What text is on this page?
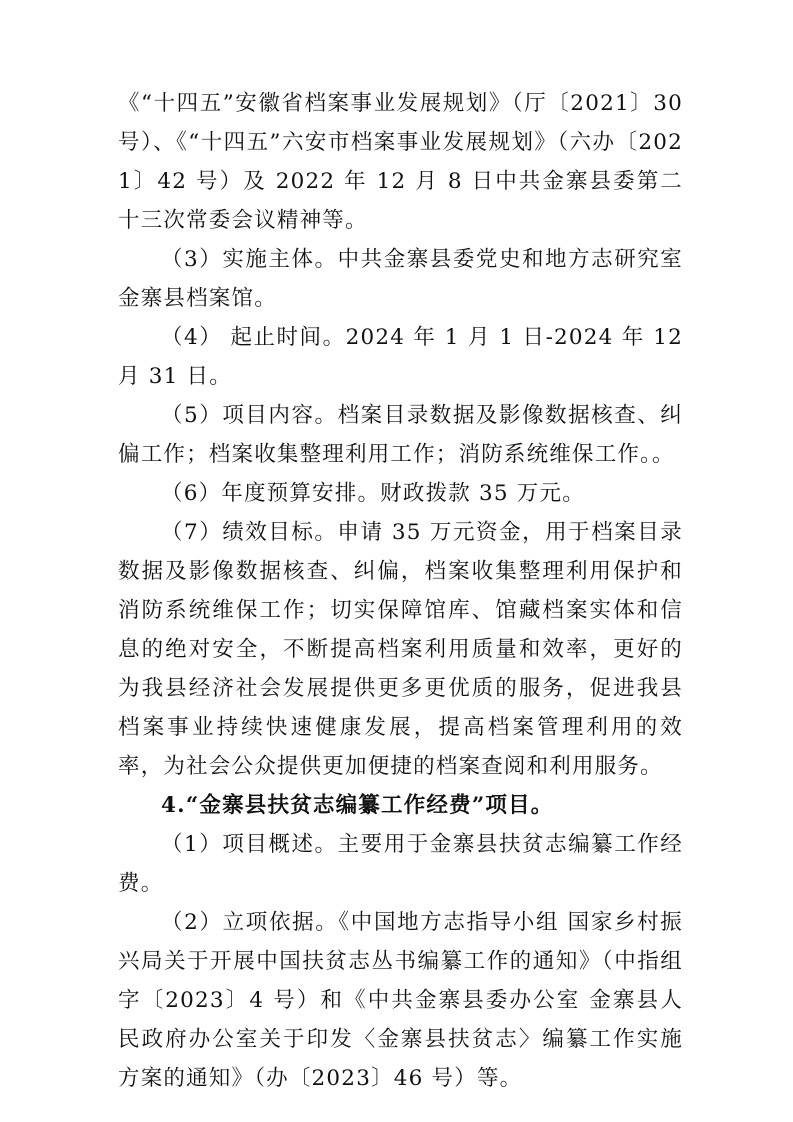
《“十四五”安徽省档案事业发展规划》（厅〔2021〕30 号）、《“十四五”六安市档案事业发展规划》（六办〔2021〕42 号）及 2022 年 12 月 8 日中共金寨县委第二十三次常委会议精神等。

（3）实施主体。中共金寨县委党史和地方志研究室金寨县档案馆。

（4） 起止时间。2024 年 1 月 1 日-2024 年 12 月 31 日。

（5）项目内容。档案目录数据及影像数据核查、纠偏工作；档案收集整理利用工作；消防系统维保工作。。

（6）年度预算安排。财政拨款 35 万元。

（7）绩效目标。申请 35 万元资金，用于档案目录数据及影像数据核查、纠偏，档案收集整理利用保护和消防系统维保工作；切实保障馆库、馆藏档案实体和信息的绝对安全，不断提高档案利用质量和效率，更好的为我县经济社会发展提供更多更优质的服务，促进我县档案事业持续快速健康发展，提高档案管理利用的效率，为社会公众提供更加便捷的档案查阅和利用服务。

4.“金寨县扶贫志编纂工作经费”项目。

（1）项目概述。主要用于金寨县扶贫志编纂工作经费。

（2）立项依据。《中国地方志指导小组 国家乡村振兴局关于开展中国扶贫志丛书编纂工作的通知》（中指组字〔2023〕4 号）和《中共金寨县委办公室 金寨县人民政府办公室关于印发〈金寨县扶贫志〉编纂工作实施方案的通知》（办〔2023〕46 号）等。
